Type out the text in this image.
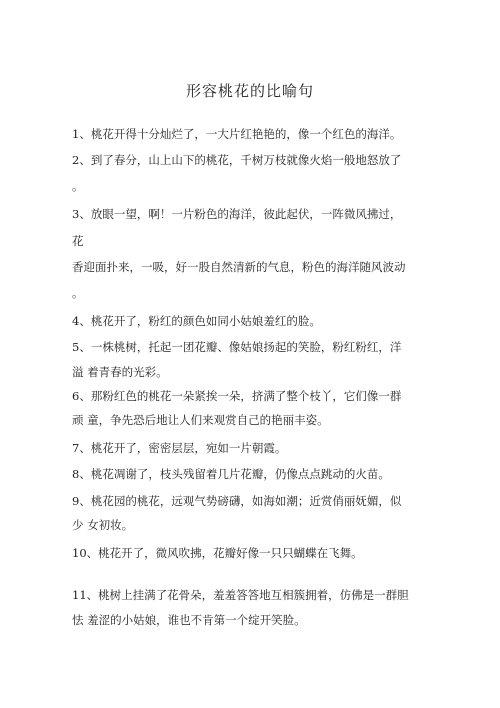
形容桃花的比喻句
1、桃花开得十分灿烂了，一大片红艳艳的，像一个红色的海洋。
2、到了春分，山上山下的桃花，千树万枝就像火焰一般地怒放了
。
3、放眼一望，啊！一片粉色的海洋，彼此起伏，一阵微风拂过，
花
香迎面扑来，一吸，好一股自然清新的气息，粉色的海洋随风波动
。
4、桃花开了，粉红的颜色如同小姑娘羞红的脸。
5、一株桃树，托起一团花瓣、像姑娘扬起的笑脸，粉红粉红，洋
溢 着青春的光彩。
6、那粉红色的桃花一朵紧挨一朵，挤满了整个枝丫，它们像一群
顽 童，争先恐后地让人们来观赏自己的艳丽丰姿。
7、桃花开了，密密层层，宛如一片朝霞。
8、桃花凋谢了，枝头残留着几片花瓣，仍像点点跳动的火苗。
9、桃花园的桃花，远观气势磅礴，如海如潮；近赏俏丽妩媚，似
少 女初妆。
10、桃花开了，微风吹拂，花瓣好像一只只蝴蝶在飞舞。
11、桃树上挂满了花骨朵，羞羞答答地互相簇拥着，仿佛是一群胆
怯 羞涩的小姑娘，谁也不肯第一个绽开笑脸。
